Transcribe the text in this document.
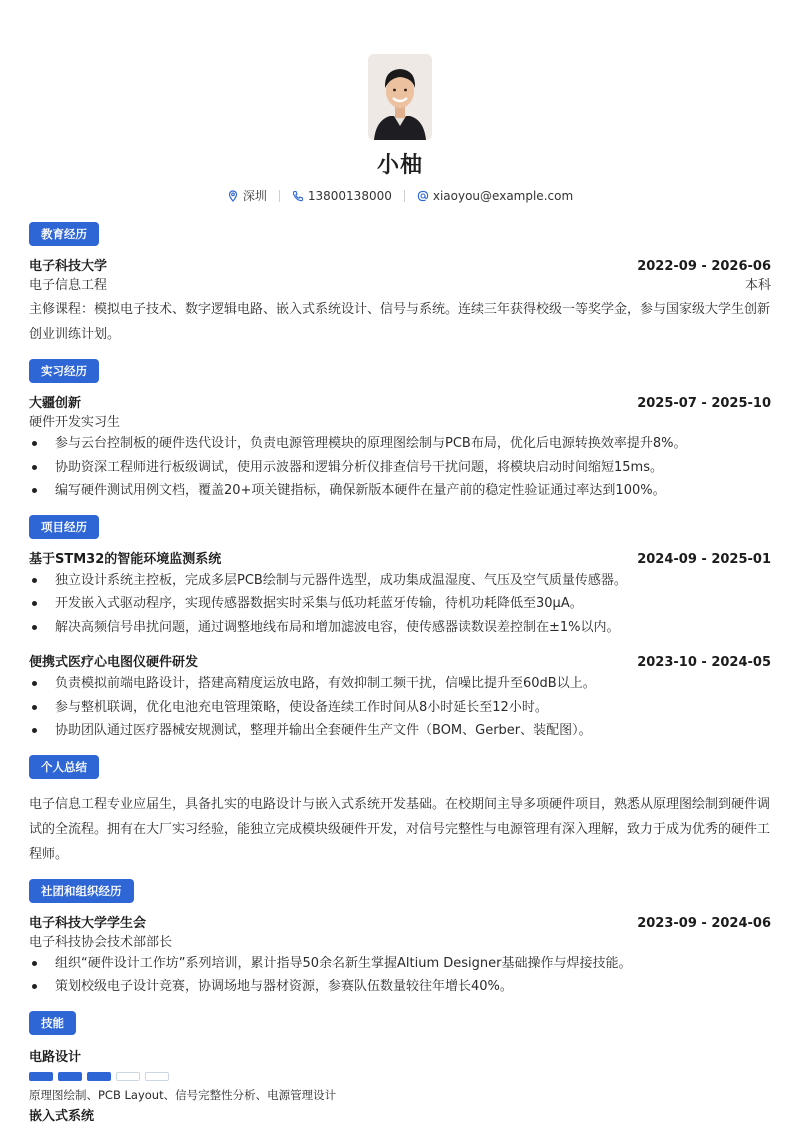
小柚
深圳	13800138000	xiaoyou@example.com
教育经历
电子科技大学	2022-09 - 2026-06
电子信息工程	本科
主修课程：模拟电子技术、数字逻辑电路、嵌入式系统设计、信号与系统。连续三年获得校级一等奖学金，参与国家级大学生创新创业训练计划。
实习经历
大疆创新	2025-07 - 2025-10
硬件开发实习生
参与云台控制板的硬件迭代设计，负责电源管理模块的原理图绘制与PCB布局，优化后电源转换效率提升8%。
协助资深工程师进行板级调试，使用示波器和逻辑分析仪排查信号干扰问题，将模块启动时间缩短15ms。
编写硬件测试用例文档，覆盖20+项关键指标，确保新版本硬件在量产前的稳定性验证通过率达到100%。
项目经历
基于STM32的智能环境监测系统	2024-09 - 2025-01
独立设计系统主控板，完成多层PCB绘制与元器件选型，成功集成温湿度、气压及空气质量传感器。
开发嵌入式驱动程序，实现传感器数据实时采集与低功耗蓝牙传输，待机功耗降低至30μA。
解决高频信号串扰问题，通过调整地线布局和增加滤波电容，使传感器读数误差控制在±1%以内。
便携式医疗心电图仪硬件研发	2023-10 - 2024-05
负责模拟前端电路设计，搭建高精度运放电路，有效抑制工频干扰，信噪比提升至60dB以上。
参与整机联调，优化电池充电管理策略，使设备连续工作时间从8小时延长至12小时。
协助团队通过医疗器械安规测试，整理并输出全套硬件生产文件（BOM、Gerber、装配图）。
个人总结
电子信息工程专业应届生，具备扎实的电路设计与嵌入式系统开发基础。在校期间主导多项硬件项目，熟悉从原理图绘制到硬件调试的全流程。拥有在大厂实习经验，能独立完成模块级硬件开发，对信号完整性与电源管理有深入理解，致力于成为优秀的硬件工程师。
社团和组织经历
电子科技大学学生会	2023-09 - 2024-06
电子科技协会技术部部长
组织“硬件设计工作坊”系列培训，累计指导50余名新生掌握Altium Designer基础操作与焊接技能。
策划校级电子设计竞赛，协调场地与器材资源，参赛队伍数量较往年增长40%。
技能
电路设计
原理图绘制、PCB Layout、信号完整性分析、电源管理设计
嵌入式系统
